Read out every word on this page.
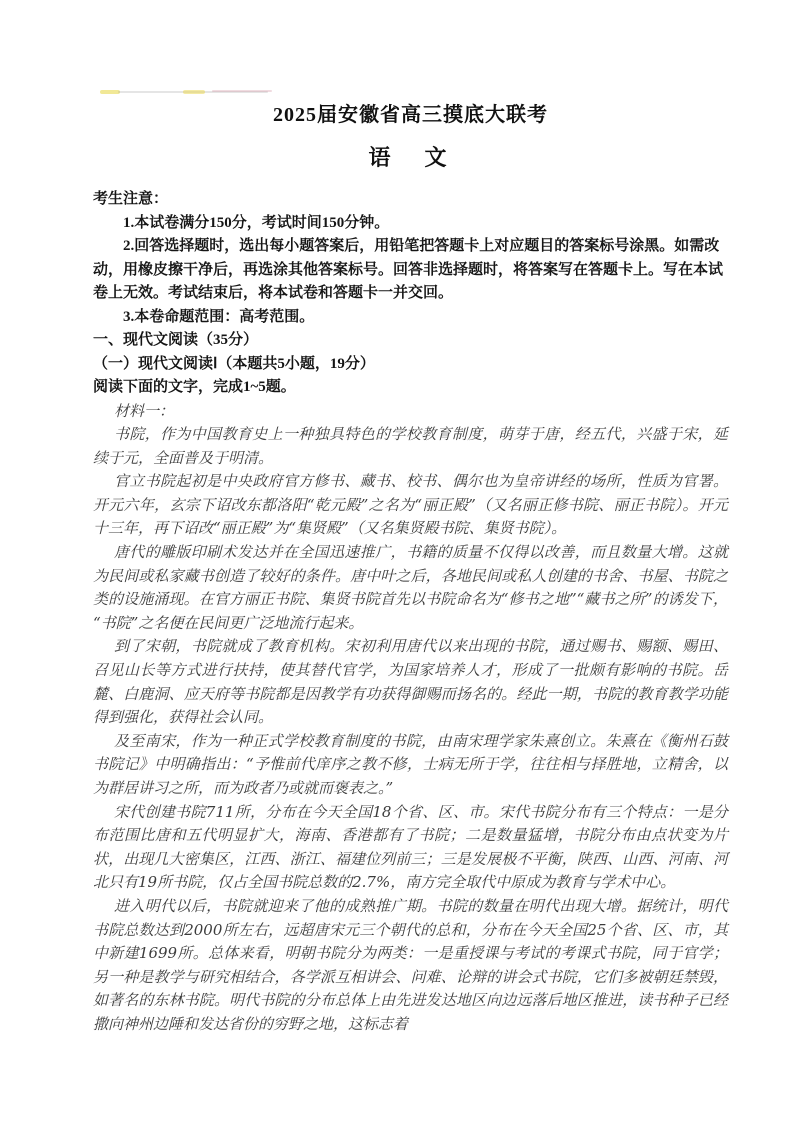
2025届安徽省高三摸底大联考
语　文

考生注意：

1.本试卷满分150分，考试时间150分钟。

2.回答选择题时，选出每小题答案后，用铅笔把答题卡上对应题目的答案标号涂黑。如需改动，用橡皮擦干净后，再选涂其他答案标号。回答非选择题时，将答案写在答题卡上。写在本试卷上无效。考试结束后，将本试卷和答题卡一并交回。

3.本卷命题范围：高考范围。

一、现代文阅读（35分）

（一）现代文阅读Ⅰ（本题共5小题，19分）

阅读下面的文字，完成1~5题。

材料一：

书院，作为中国教育史上一种独具特色的学校教育制度，萌芽于唐，经五代，兴盛于宋，延续于元，全面普及于明清。

官立书院起初是中央政府官方修书、藏书、校书、偶尔也为皇帝讲经的场所，性质为官署。开元六年，玄宗下诏改东都洛阳“乾元殿”之名为“丽正殿”（又名丽正修书院、丽正书院）。开元十三年，再下诏改“丽正殿”为“集贤殿”（又名集贤殿书院、集贤书院）。

唐代的雕版印刷术发达并在全国迅速推广，书籍的质量不仅得以改善，而且数量大增。这就为民间或私家藏书创造了较好的条件。唐中叶之后，各地民间或私人创建的书舍、书屋、书院之类的设施涌现。在官方丽正书院、集贤书院首先以书院命名为“修书之地”“藏书之所”的诱发下，“书院”之名便在民间更广泛地流行起来。

到了宋朝，书院就成了教育机构。宋初利用唐代以来出现的书院，通过赐书、赐额、赐田、召见山长等方式进行扶持，使其替代官学，为国家培养人才，形成了一批颇有影响的书院。岳麓、白鹿洞、应天府等书院都是因教学有功获得御赐而扬名的。经此一期，书院的教育教学功能得到强化，获得社会认同。

及至南宋，作为一种正式学校教育制度的书院，由南宋理学家朱熹创立。朱熹在《衡州石鼓书院记》中明确指出：“予惟前代庠序之教不修，士病无所于学，往往相与择胜地，立精舍，以为群居讲习之所，而为政者乃或就而褒表之。”

宋代创建书院711所，分布在今天全国18个省、区、市。宋代书院分布有三个特点：一是分布范围比唐和五代明显扩大，海南、香港都有了书院；二是数量猛增，书院分布由点状变为片状，出现几大密集区，江西、浙江、福建位列前三；三是发展极不平衡，陕西、山西、河南、河北只有19所书院，仅占全国书院总数的2.7%，南方完全取代中原成为教育与学术中心。

进入明代以后，书院就迎来了他的成熟推广期。书院的数量在明代出现大增。据统计，明代书院总数达到2000所左右，远超唐宋元三个朝代的总和，分布在今天全国25个省、区、市，其中新建1699所。总体来看，明朝书院分为两类：一是重授课与考试的考课式书院，同于官学；另一种是教学与研究相结合，各学派互相讲会、问难、论辩的讲会式书院，它们多被朝廷禁毁，如著名的东林书院。明代书院的分布总体上由先进发达地区向边远落后地区推进，读书种子已经撒向神州边陲和发达省份的穷野之地，这标志着
